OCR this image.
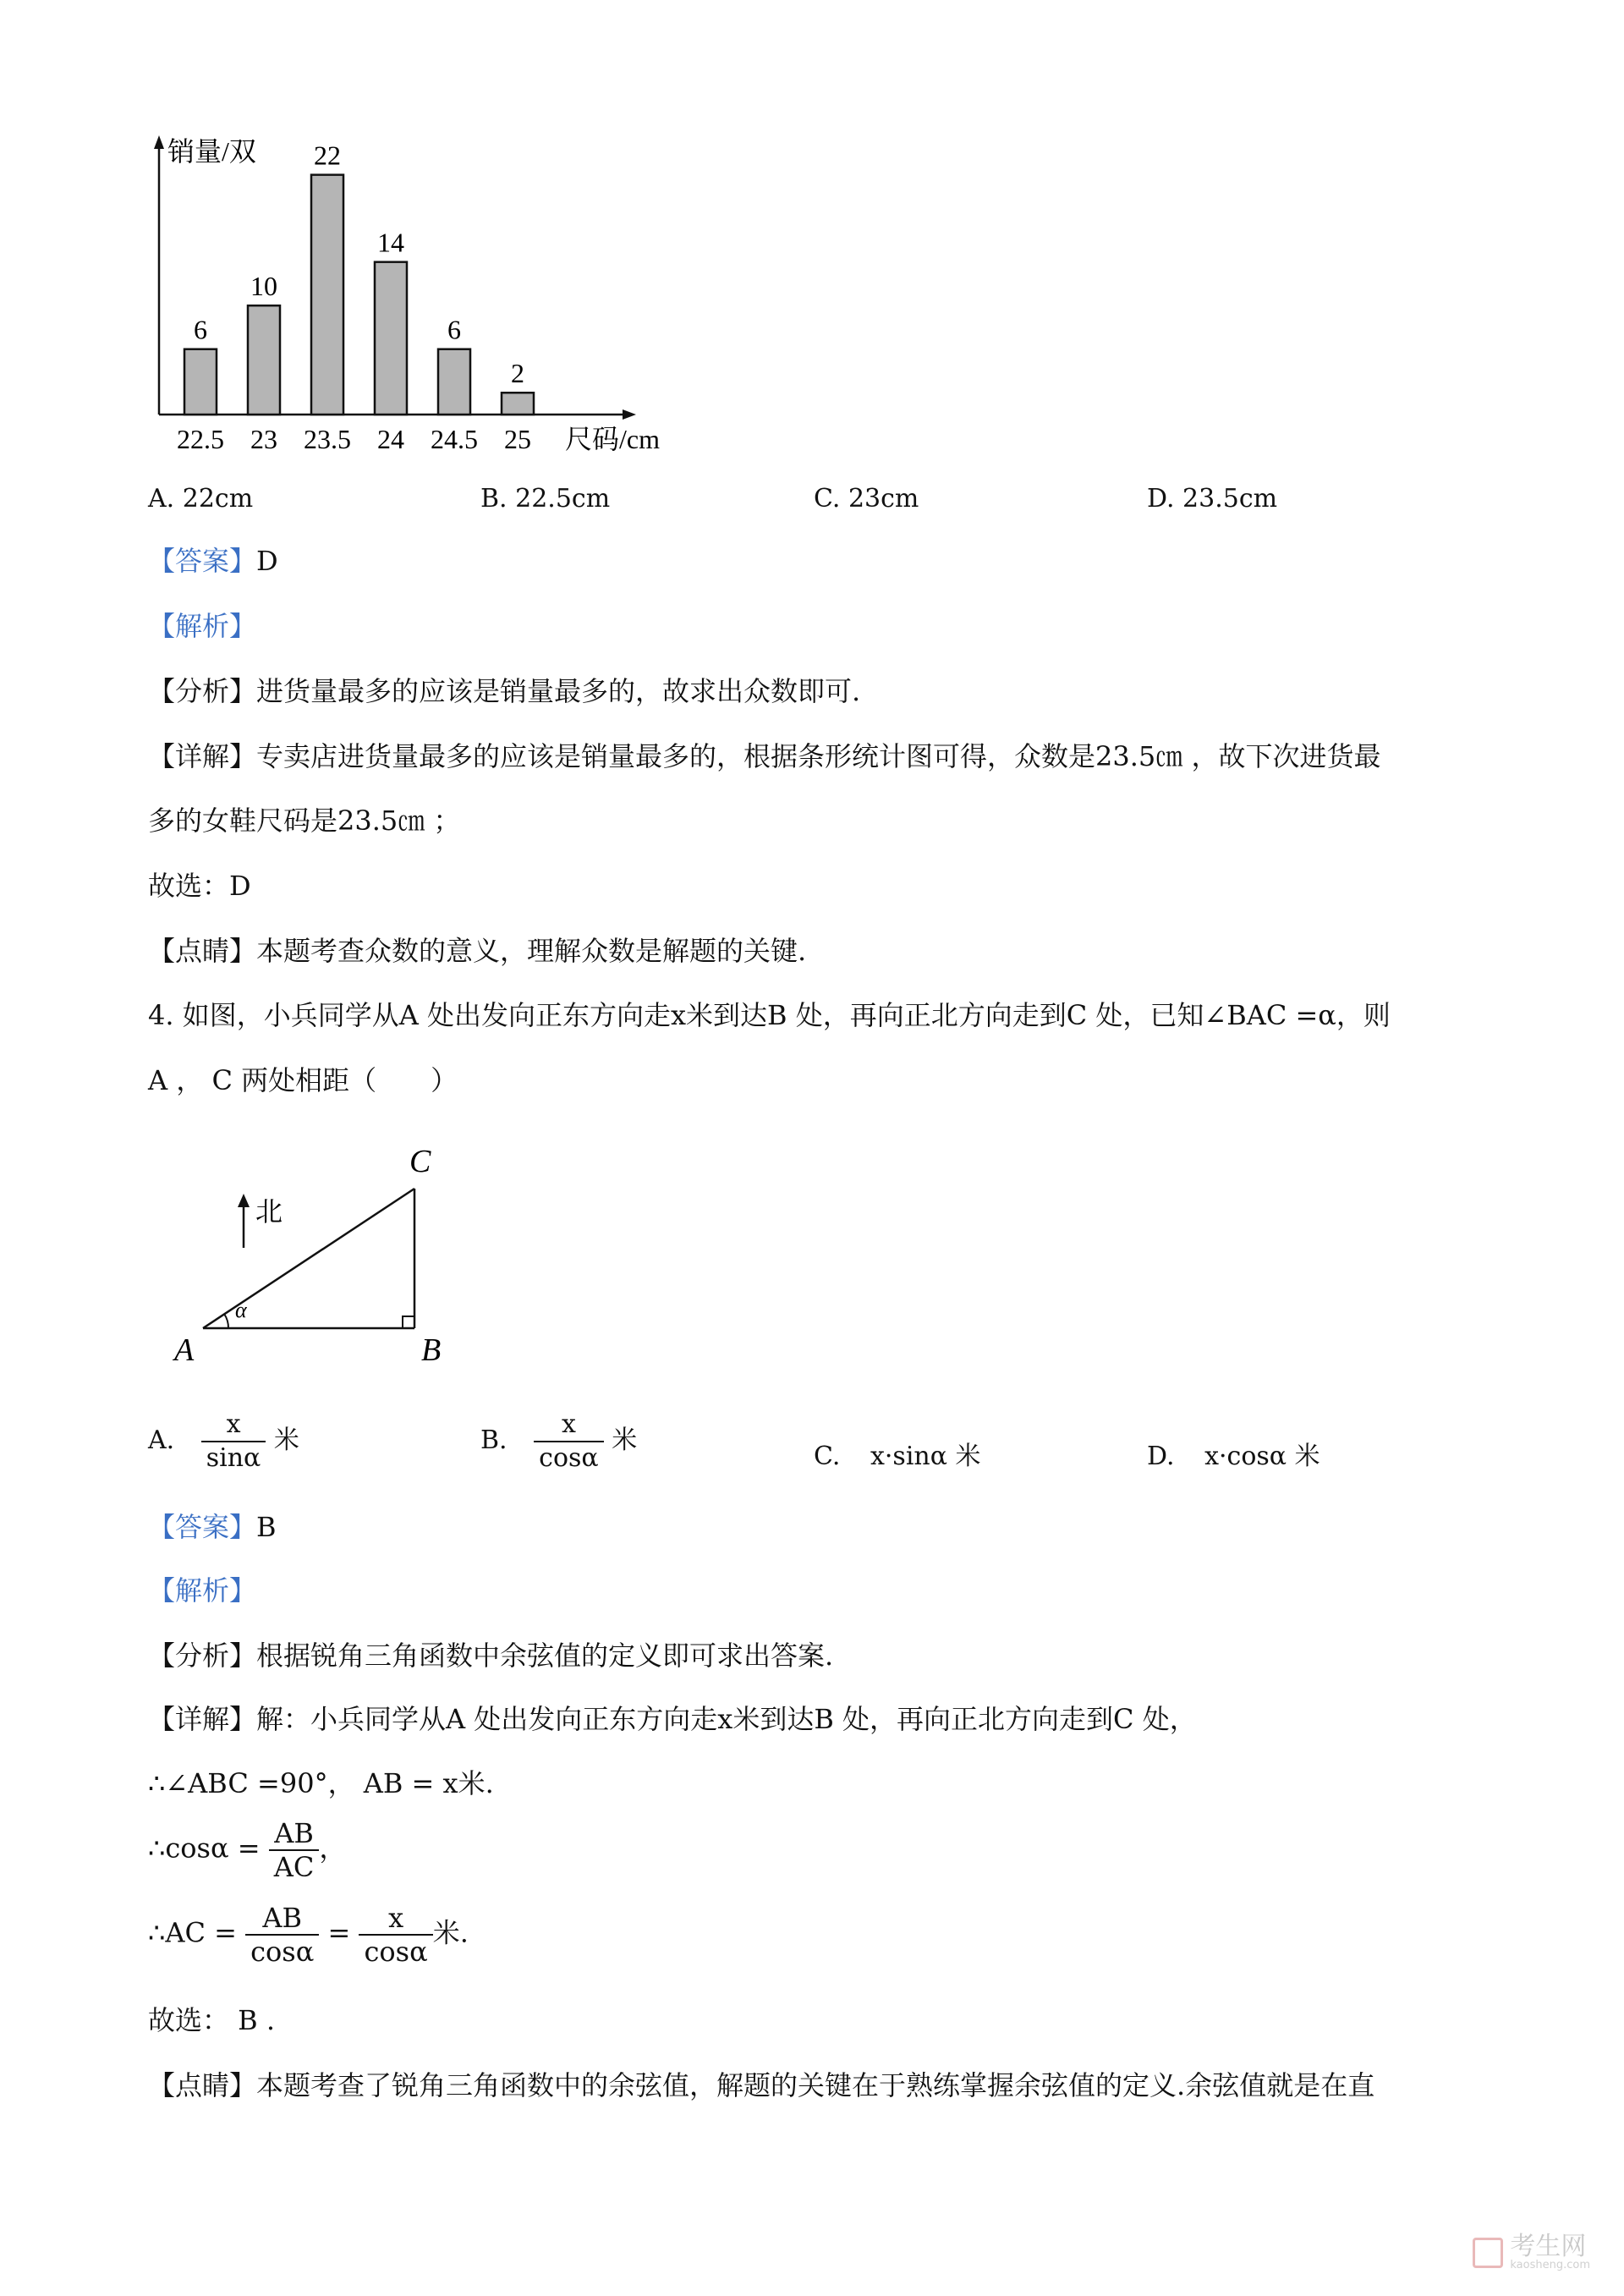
销量/双
尺码/cm
6
22.5
10
23
22
23.5
14
24
6
24.5
2
25
A. 22cm	B. 22.5cm	C. 23cm	D. 23.5cm
【答案】D
【解析】
【分析】进货量最多的应该是销量最多的，故求出众数即可.
【详解】专卖店进货量最多的应该是销量最多的，根据条形统计图可得，众数是23.5㎝ ，故下次进货最
多的女鞋尺码是23.5㎝ ；
故选：D
【点睛】本题考查众数的意义，理解众数是解题的关键.
4. 如图，小兵同学从A 处出发向正东方向走x米到达B 处，再向正北方向走到C 处，已知∠BAC =α，则
A ， C 两处相距（　　）
α
A	B
C
北
A. $\frac{x}{\sin\alpha}$ 米	B. $\frac{x}{\cos\alpha}$ 米
C. x·sinα 米	D. x·cosα 米
【答案】B
【解析】
【分析】根据锐角三角函数中余弦值的定义即可求出答案.
【详解】解：小兵同学从A 处出发向正东方向走x米到达B 处，再向正北方向走到C 处，
∴∠ABC =90°， AB = x米.
∴cosα = $\frac{AB}{AC}$ ，
∴AC = $\frac{AB}{\cos\alpha} = \frac{x}{\cos\alpha}$ 米.
故选： B .
【点睛】本题考查了锐角三角函数中的余弦值，解题的关键在于熟练掌握余弦值的定义.余弦值就是在直
考生网
kaosheng.com
